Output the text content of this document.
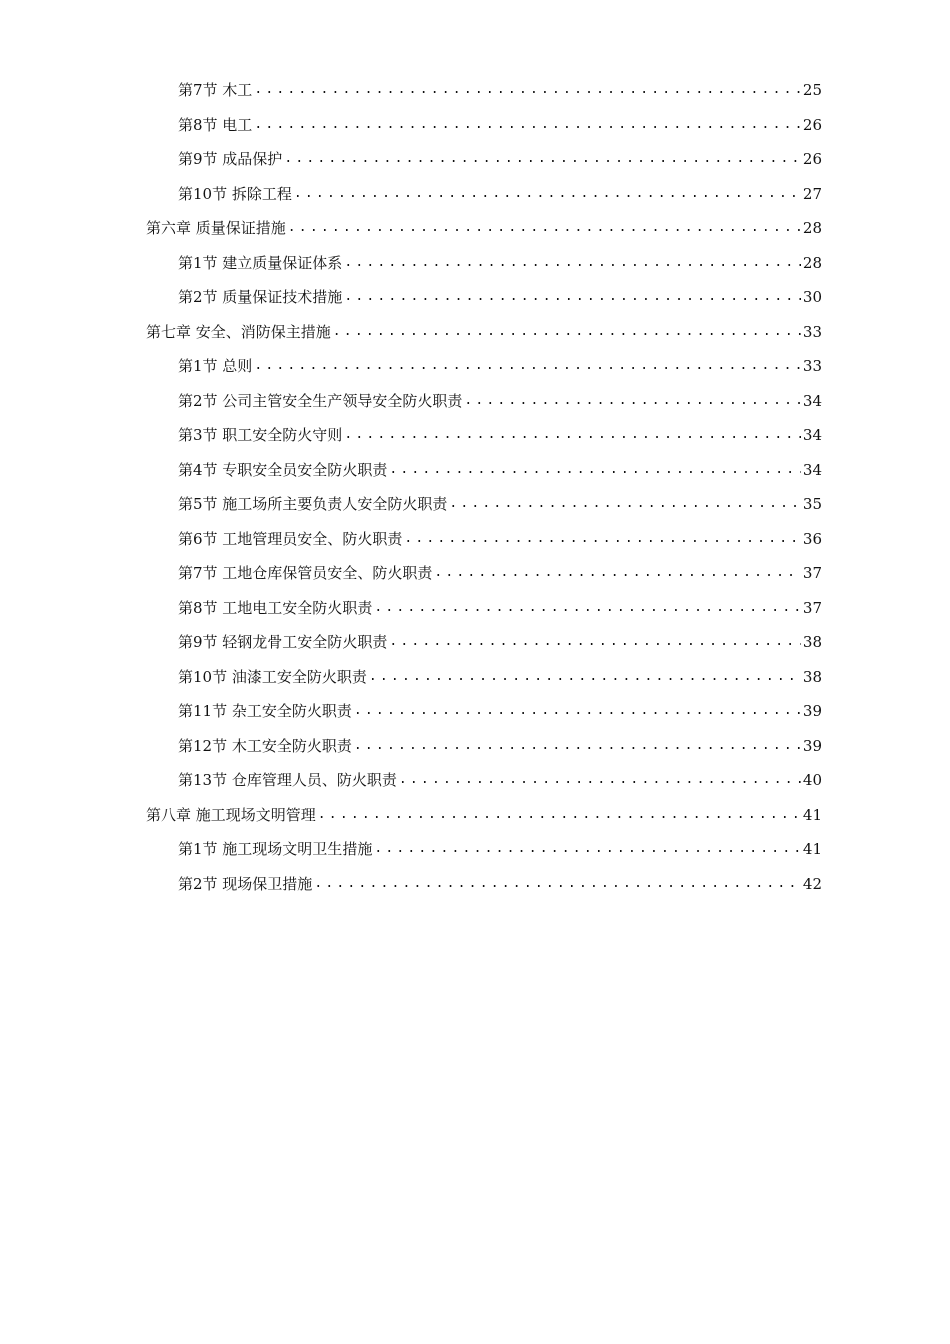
第7节 木工 .....	25
第8节 电工 .....	26
第9节 成品保护 .....	26
第10节 拆除工程 .....	27
第六章 质量保证措施 .....	28
第1节 建立质量保证体系 .....	28
第2节 质量保证技术措施 .....	30
第七章 安全、消防保主措施 .....	33
第1节 总则 .....	33
第2节 公司主管安全生产领导安全防火职责 .....	34
第3节 职工安全防火守则 .....	34
第4节 专职安全员安全防火职责 .....	34
第5节 施工场所主要负责人安全防火职责 .....	35
第6节 工地管理员安全、防火职责 .....	36
第7节 工地仓库保管员安全、防火职责 .....	37
第8节 工地电工安全防火职责 .....	37
第9节 轻钢龙骨工安全防火职责 .....	38
第10节 油漆工安全防火职责 .....	38
第11节 杂工安全防火职责 .....	39
第12节 木工安全防火职责 .....	39
第13节 仓库管理人员、防火职责 .....	40
第八章 施工现场文明管理 .....	41
第1节 施工现场文明卫生措施 .....	41
第2节 现场保卫措施 .....	42
